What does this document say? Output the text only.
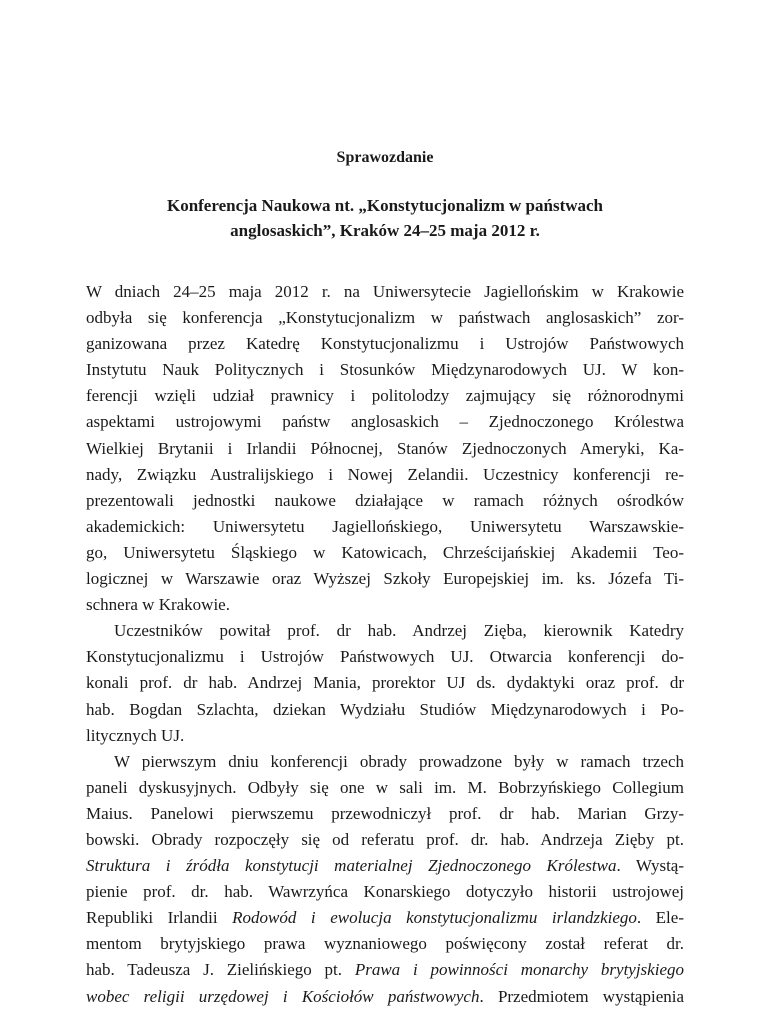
Sprawozdanie
Konferencja Naukowa nt. „Konstytucjonalizm w państwach
anglosaskich”, Kraków 24–25 maja 2012 r.
W dniach 24–25 maja 2012 r. na Uniwersytecie Jagiellońskim w Krakowie
odbyła się konferencja „Konstytucjonalizm w państwach anglosaskich” zor-
ganizowana przez Katedrę Konstytucjonalizmu i Ustrojów Państwowych
Instytutu Nauk Politycznych i Stosunków Międzynarodowych UJ. W kon-
ferencji wzięli udział prawnicy i politolodzy zajmujący się różnorodnymi
aspektami ustrojowymi państw anglosaskich – Zjednoczonego Królestwa
Wielkiej Brytanii i Irlandii Północnej, Stanów Zjednoczonych Ameryki, Ka-
nady, Związku Australijskiego i Nowej Zelandii. Uczestnicy konferencji re-
prezentowali jednostki naukowe działające w ramach różnych ośrodków
akademickich: Uniwersytetu Jagiellońskiego, Uniwersytetu Warszawskie-
go, Uniwersytetu Śląskiego w Katowicach, Chrześcijańskiej Akademii Teo-
logicznej w Warszawie oraz Wyższej Szkoły Europejskiej im. ks. Józefa Ti-
schnera w Krakowie.
Uczestników powitał prof. dr hab. Andrzej Zięba, kierownik Katedry
Konstytucjonalizmu i Ustrojów Państwowych UJ. Otwarcia konferencji do-
konali prof. dr hab. Andrzej Mania, prorektor UJ ds. dydaktyki oraz prof. dr
hab. Bogdan Szlachta, dziekan Wydziału Studiów Międzynarodowych i Po-
litycznych UJ.
W pierwszym dniu konferencji obrady prowadzone były w ramach trzech
paneli dyskusyjnych. Odbyły się one w sali im. M. Bobrzyńskiego Collegium
Maius. Panelowi pierwszemu przewodniczył prof. dr hab. Marian Grzy-
bowski. Obrady rozpoczęły się od referatu prof. dr. hab. Andrzeja Zięby pt.
Struktura i źródła konstytucji materialnej Zjednoczonego Królestwa. Wystą-
pienie prof. dr. hab. Wawrzyńca Konarskiego dotyczyło historii ustrojowej
Republiki Irlandii Rodowód i ewolucja konstytucjonalizmu irlandzkiego. Ele-
mentom brytyjskiego prawa wyznaniowego poświęcony został referat dr.
hab. Tadeusza J. Zielińskiego pt. Prawa i powinności monarchy brytyjskiego
wobec religii urzędowej i Kościołów państwowych. Przedmiotem wystąpienia
